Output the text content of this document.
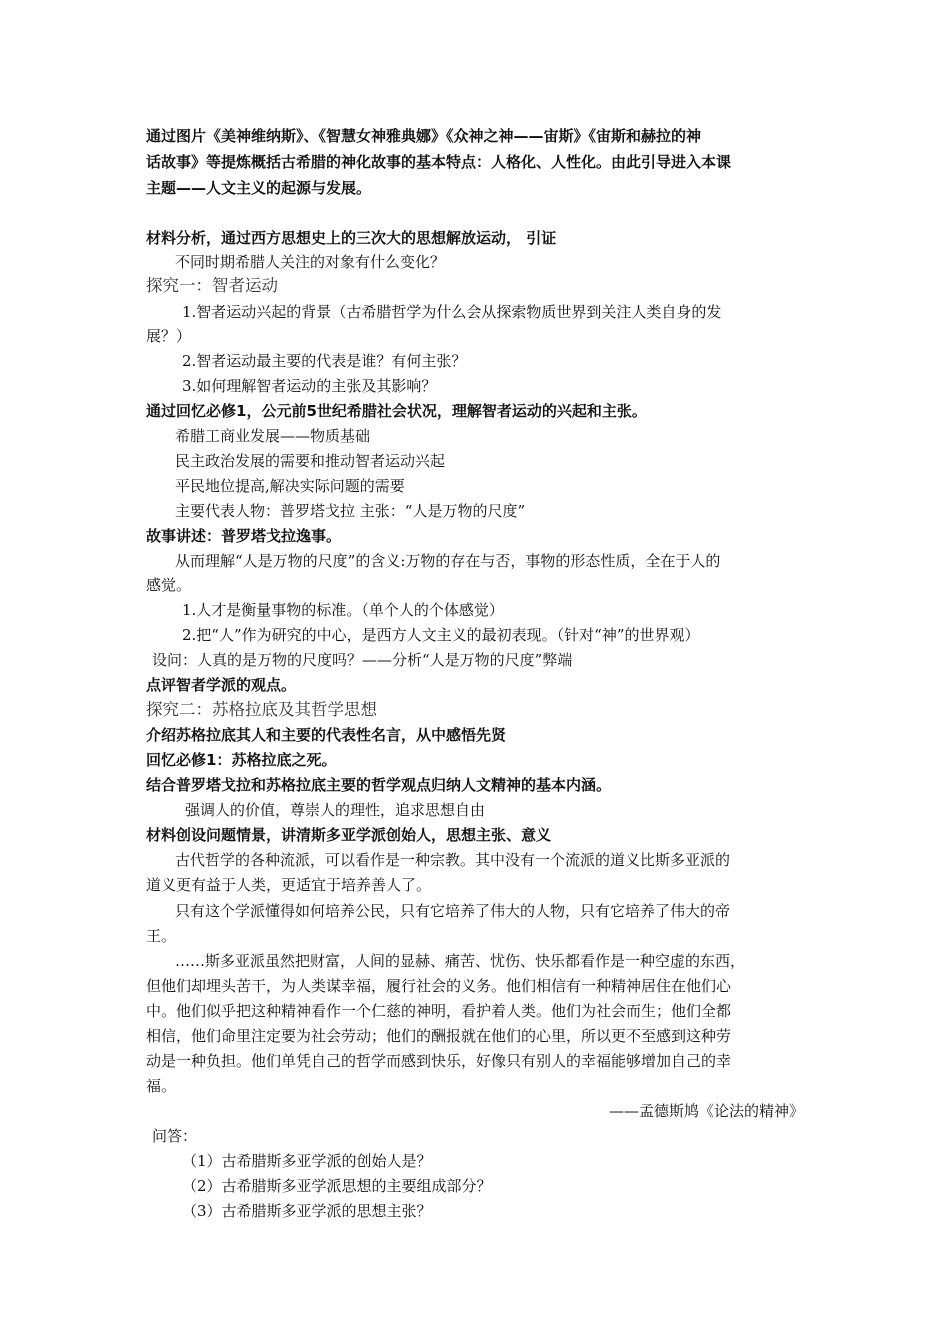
通过图片《美神维纳斯》、《智慧女神雅典娜》《众神之神——宙斯》《宙斯和赫拉的神
话故事》等提炼概括古希腊的神化故事的基本特点：人格化、人性化。由此引导进入本课
主题——人文主义的起源与发展。
材料分析，通过西方思想史上的三次大的思想解放运动， 引证
不同时期希腊人关注的对象有什么变化？
探究一：智者运动
1.智者运动兴起的背景（古希腊哲学为什么会从探索物质世界到关注人类自身的发
展？）
2.智者运动最主要的代表是谁？有何主张？
3.如何理解智者运动的主张及其影响？
通过回忆必修1，公元前5世纪希腊社会状况，理解智者运动的兴起和主张。
希腊工商业发展——物质基础
民主政治发展的需要和推动智者运动兴起
平民地位提高,解决实际问题的需要
主要代表人物：普罗塔戈拉 主张：“人是万物的尺度”
故事讲述：普罗塔戈拉逸事。
从而理解“人是万物的尺度”的含义:万物的存在与否，事物的形态性质，全在于人的
感觉。
1.人才是衡量事物的标准。（单个人的个体感觉）
2.把“人”作为研究的中心，是西方人文主义的最初表现。（针对“神”的世界观）
设问：人真的是万物的尺度吗？——分析“人是万物的尺度”弊端
点评智者学派的观点。
探究二：苏格拉底及其哲学思想
介绍苏格拉底其人和主要的代表性名言，从中感悟先贤
回忆必修1：苏格拉底之死。
结合普罗塔戈拉和苏格拉底主要的哲学观点归纳人文精神的基本内涵。
强调人的价值，尊崇人的理性，追求思想自由
材料创设问题情景，讲清斯多亚学派创始人，思想主张、意义
古代哲学的各种流派，可以看作是一种宗教。其中没有一个流派的道义比斯多亚派的
道义更有益于人类，更适宜于培养善人了。
只有这个学派懂得如何培养公民，只有它培养了伟大的人物，只有它培养了伟大的帝
王。
……斯多亚派虽然把财富，人间的显赫、痛苦、忧伤、快乐都看作是一种空虚的东西，
但他们却埋头苦干，为人类谋幸福，履行社会的义务。他们相信有一种精神居住在他们心
中。他们似乎把这种精神看作一个仁慈的神明，看护着人类。他们为社会而生；他们全都
相信，他们命里注定要为社会劳动；他们的酬报就在他们的心里，所以更不至感到这种劳
动是一种负担。他们单凭自己的哲学而感到快乐，好像只有别人的幸福能够增加自己的幸
福。
——孟德斯鸠《论法的精神》
问答：
（1）古希腊斯多亚学派的创始人是？
（2）古希腊斯多亚学派思想的主要组成部分？
（3）古希腊斯多亚学派的思想主张？
